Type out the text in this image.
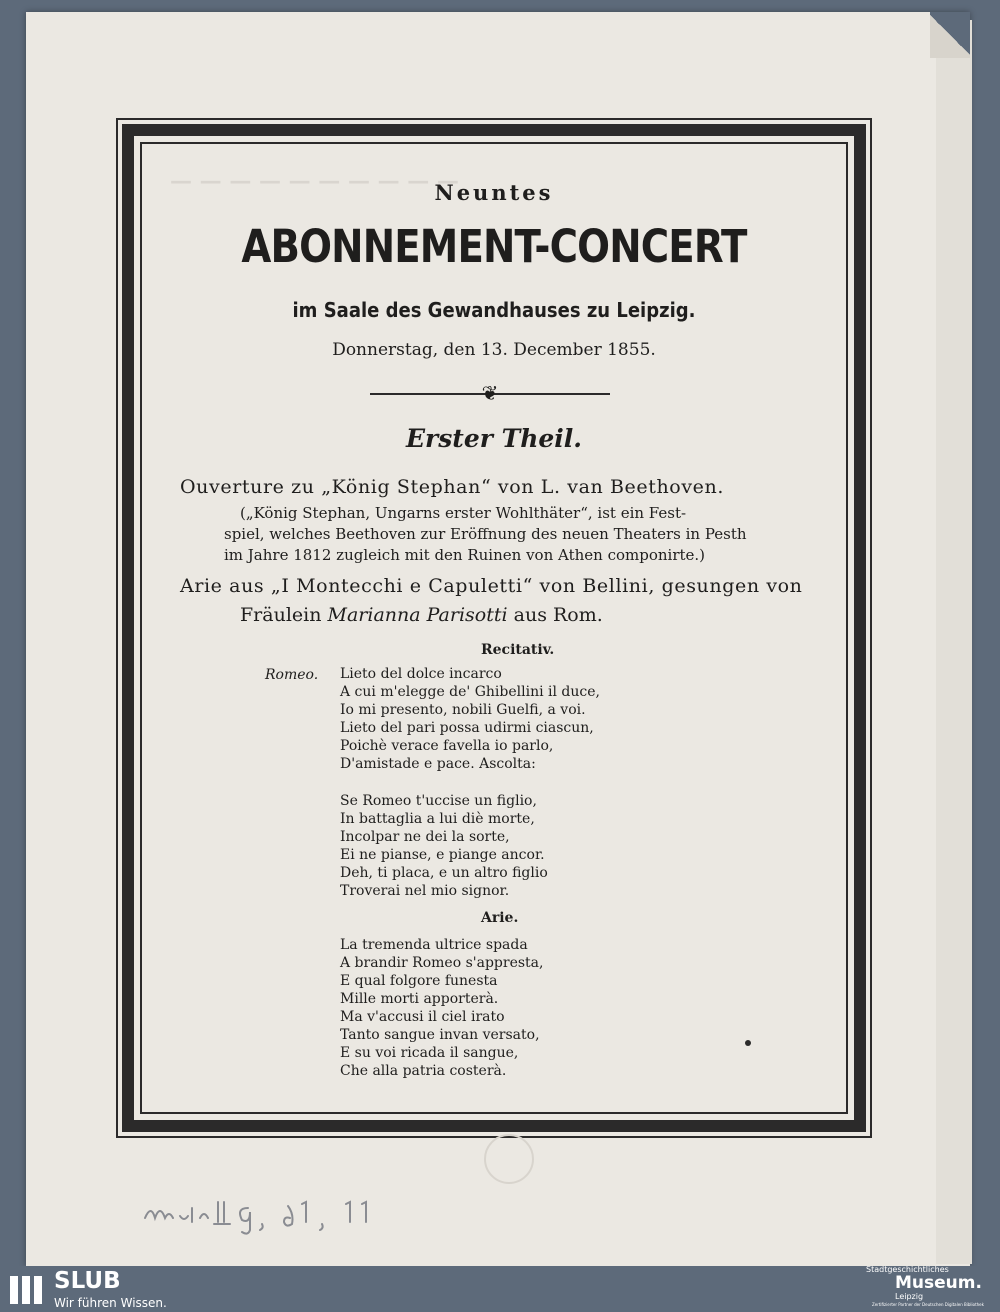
— — — — — — — — — —
Neuntes
ABONNEMENT-CONCERT
im Saale des Gewandhauses zu Leipzig.
Donnerstag, den 13. December 1855.
❦
Erster Theil.
Ouverture zu „König Stephan“ von L. van Beethoven.
(„König Stephan, Ungarns erster Wohlthäter“, ist ein Fest-
spiel, welches Beethoven zur Eröffnung des neuen Theaters in Pesth
im Jahre 1812 zugleich mit den Ruinen von Athen componirte.)
Arie aus „I Montecchi e Capuletti“ von Bellini, gesungen von
Fräulein Marianna Parisotti aus Rom.
Recitativ.
Romeo. Lieto del dolce incarco
A cui m'elegge de' Ghibellini il duce,
Io mi presento, nobili Guelfi, a voi.
Lieto del pari possa udirmi ciascun,
Poichè verace favella io parlo,
D'amistade e pace. Ascolta:
Se Romeo t'uccise un figlio,
In battaglia a lui diè morte,
Incolpar ne dei la sorte,
Ei ne pianse, e piange ancor.
Deh, ti placa, e un altro figlio
Troverai nel mio signor.
Arie.
La tremenda ultrice spada
A brandir Romeo s'appresta,
E qual folgore funesta
Mille morti apporterà.
Ma v'accusi il ciel irato
Tanto sangue invan versato,
E su voi ricada il sangue,
Che alla patria costerà.
SLUB
Wir führen Wissen.
Stadtgeschichtliches
Museum.
Leipzig
Zertifizierter Partner der Deutschen Digitalen Bibliothek
